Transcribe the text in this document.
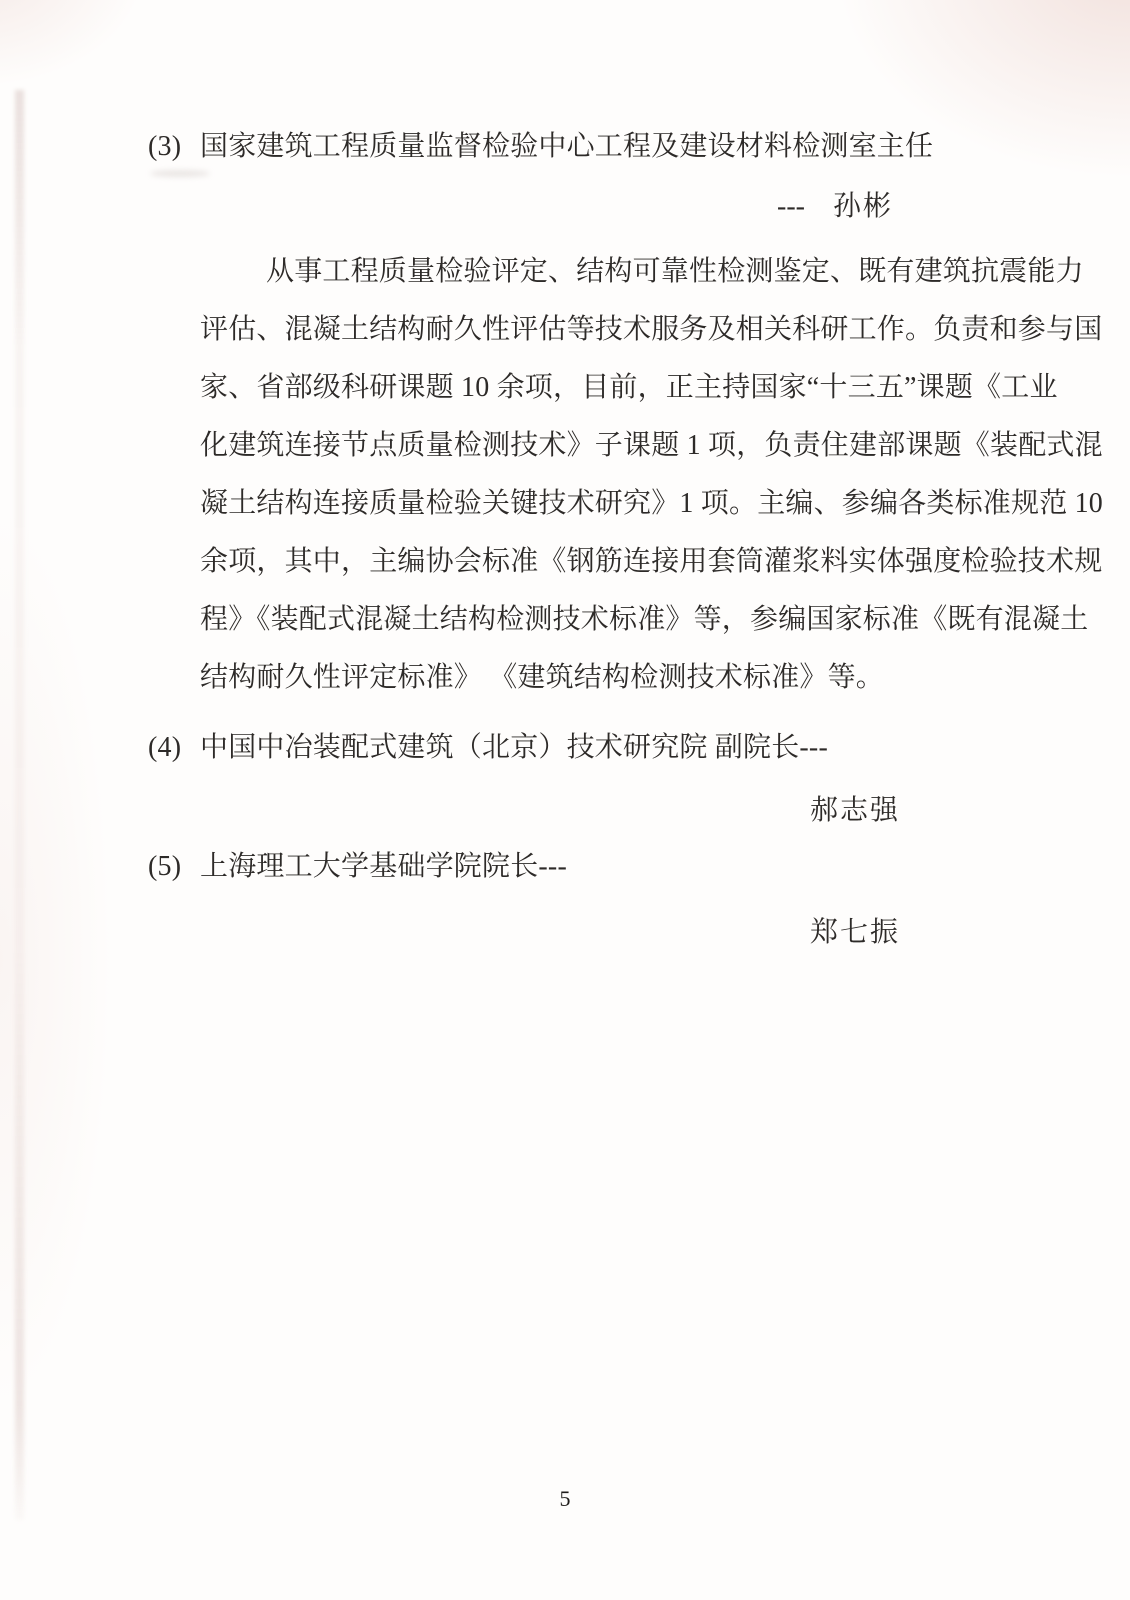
(3) 国家建筑工程质量监督检验中心工程及建设材料检测室主任
--- 孙彬
从事工程质量检验评定、结构可靠性检测鉴定、既有建筑抗震能力
评估、混凝土结构耐久性评估等技术服务及相关科研工作。负责和参与国
家、省部级科研课题 10 余项，目前，正主持国家“十三五”课题《工业
化建筑连接节点质量检测技术》子课题 1 项，负责住建部课题《装配式混
凝土结构连接质量检验关键技术研究》1 项。主编、参编各类标准规范 10
余项，其中，主编协会标准《钢筋连接用套筒灌浆料实体强度检验技术规
程》《装配式混凝土结构检测技术标准》等，参编国家标准《既有混凝土
结构耐久性评定标准》 《建筑结构检测技术标准》等。
(4) 中国中冶装配式建筑（北京）技术研究院 副院长---
郝志强
(5) 上海理工大学基础学院院长---
郑七振
5
